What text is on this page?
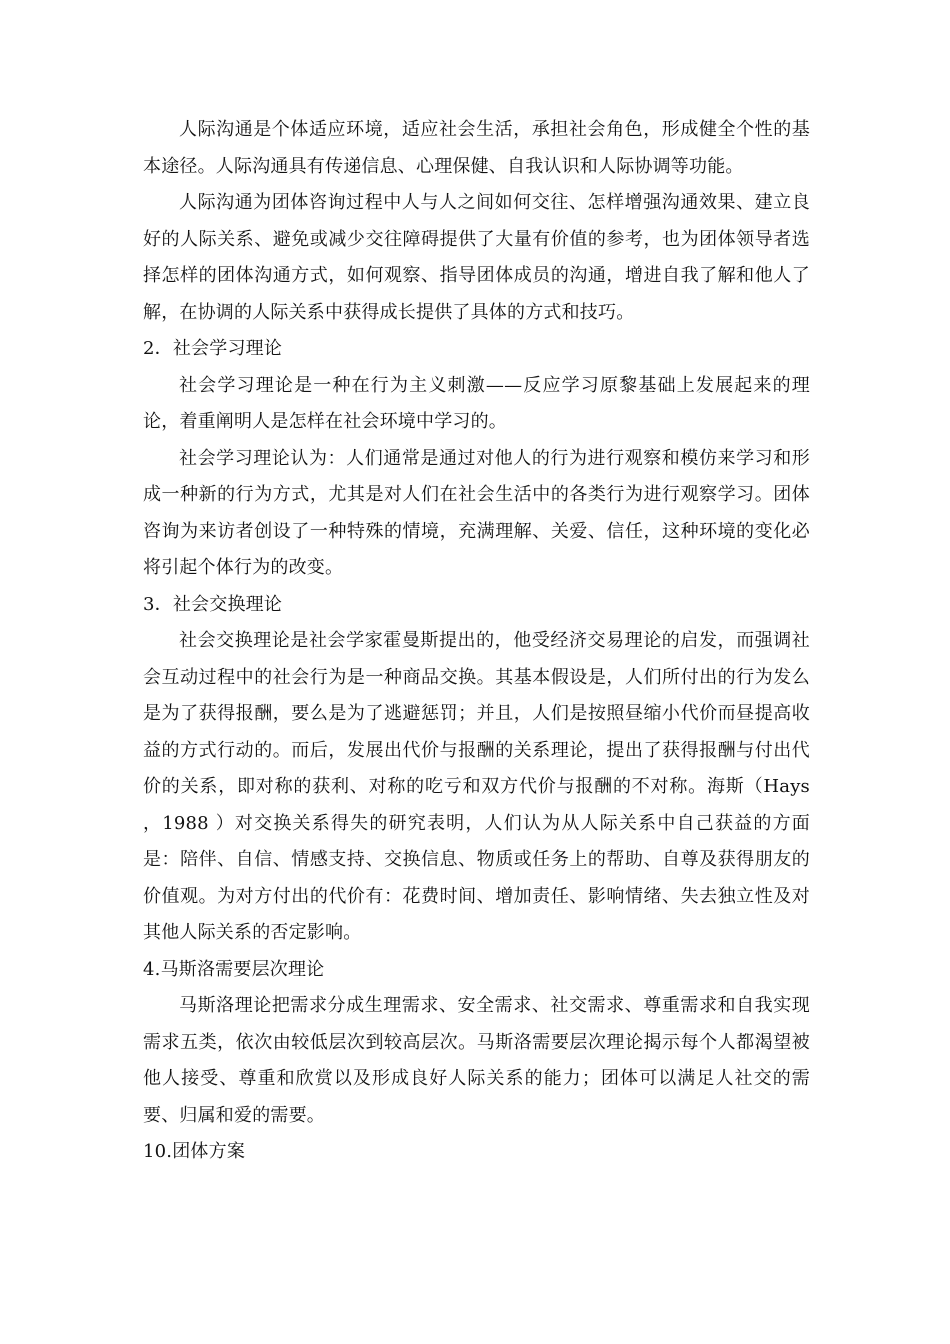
人际沟通是个体适应环境，适应社会生活，承担社会角色，形成健全个性的基本途径。人际沟通具有传递信息、心理保健、自我认识和人际协调等功能。

人际沟通为团体咨询过程中人与人之间如何交往、怎样增强沟通效果、建立良好的人际关系、避免或减少交往障碍提供了大量有价值的参考，也为团体领导者选择怎样的团体沟通方式，如何观察、指导团体成员的沟通，增进自我了解和他人了解，在协调的人际关系中获得成长提供了具体的方式和技巧。

2．社会学习理论

社会学习理论是一种在行为主义刺激——反应学习原黎基础上发展起来的理论，着重阐明人是怎样在社会环境中学习的。

社会学习理论认为：人们通常是通过对他人的行为进行观察和模仿来学习和形成一种新的行为方式，尤其是对人们在社会生活中的各类行为进行观察学习。团体咨询为来访者创设了一种特殊的情境，充满理解、关爱、信任，这种环境的变化必将引起个体行为的改变。

3．社会交换理论

社会交换理论是社会学家霍曼斯提出的，他受经济交易理论的启发，而强调社会互动过程中的社会行为是一种商品交换。其基本假设是，人们所付出的行为发么是为了获得报酬，要么是为了逃避惩罚；并且，人们是按照昼缩小代价而昼提高收益的方式行动的。而后，发展出代价与报酬的关系理论，提出了获得报酬与付出代价的关系，即对称的获利、对称的吃亏和双方代价与报酬的不对称。海斯（Hays ，1988 ）对交换关系得失的研究表明，人们认为从人际关系中自己获益的方面是：陪伴、自信、情感支持、交换信息、物质或任务上的帮助、自尊及获得朋友的价值观。为对方付出的代价有：花费时间、增加责任、影响情绪、失去独立性及对其他人际关系的否定影响。

4.马斯洛需要层次理论

马斯洛理论把需求分成生理需求、安全需求、社交需求、尊重需求和自我实现需求五类，依次由较低层次到较高层次。马斯洛需要层次理论揭示每个人都渴望被他人接受、尊重和欣赏以及形成良好人际关系的能力；团体可以满足人社交的需要、归属和爱的需要。

10.团体方案
